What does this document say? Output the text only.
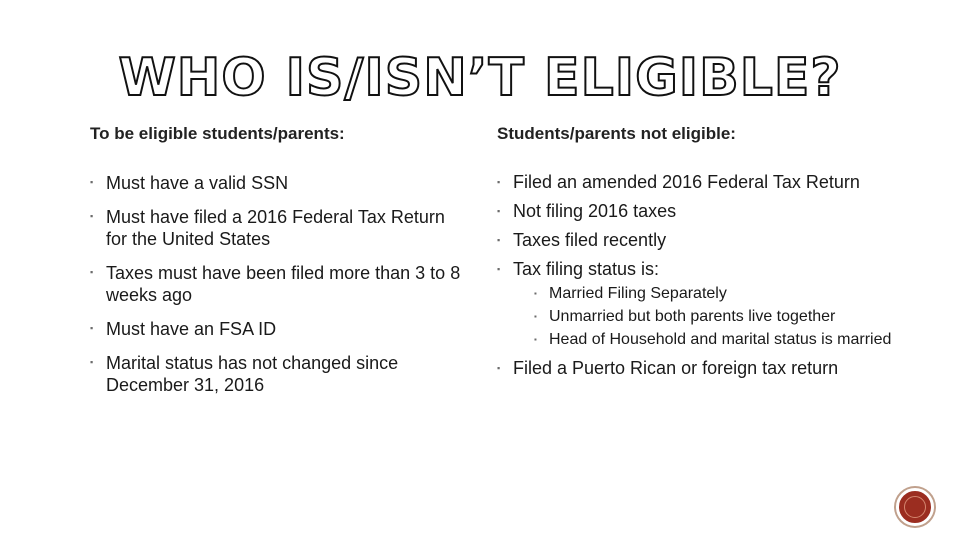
WHO IS/ISN’T ELIGIBLE?
To be eligible students/parents:
▪ Must have a valid SSN
▪ Must have filed a 2016 Federal Tax Return for the United States
▪ Taxes must have been filed more than 3 to 8 weeks ago
▪ Must have an FSA ID
▪ Marital status has not changed since December 31, 2016
Students/parents not eligible:
▪ Filed an amended 2016 Federal Tax Return
▪ Not filing 2016 taxes
▪ Taxes filed recently
▪ Tax filing status is:
▪ Married Filing Separately
▪ Unmarried but both parents live together
▪ Head of Household and marital status is married
▪ Filed a Puerto Rican or foreign tax return
